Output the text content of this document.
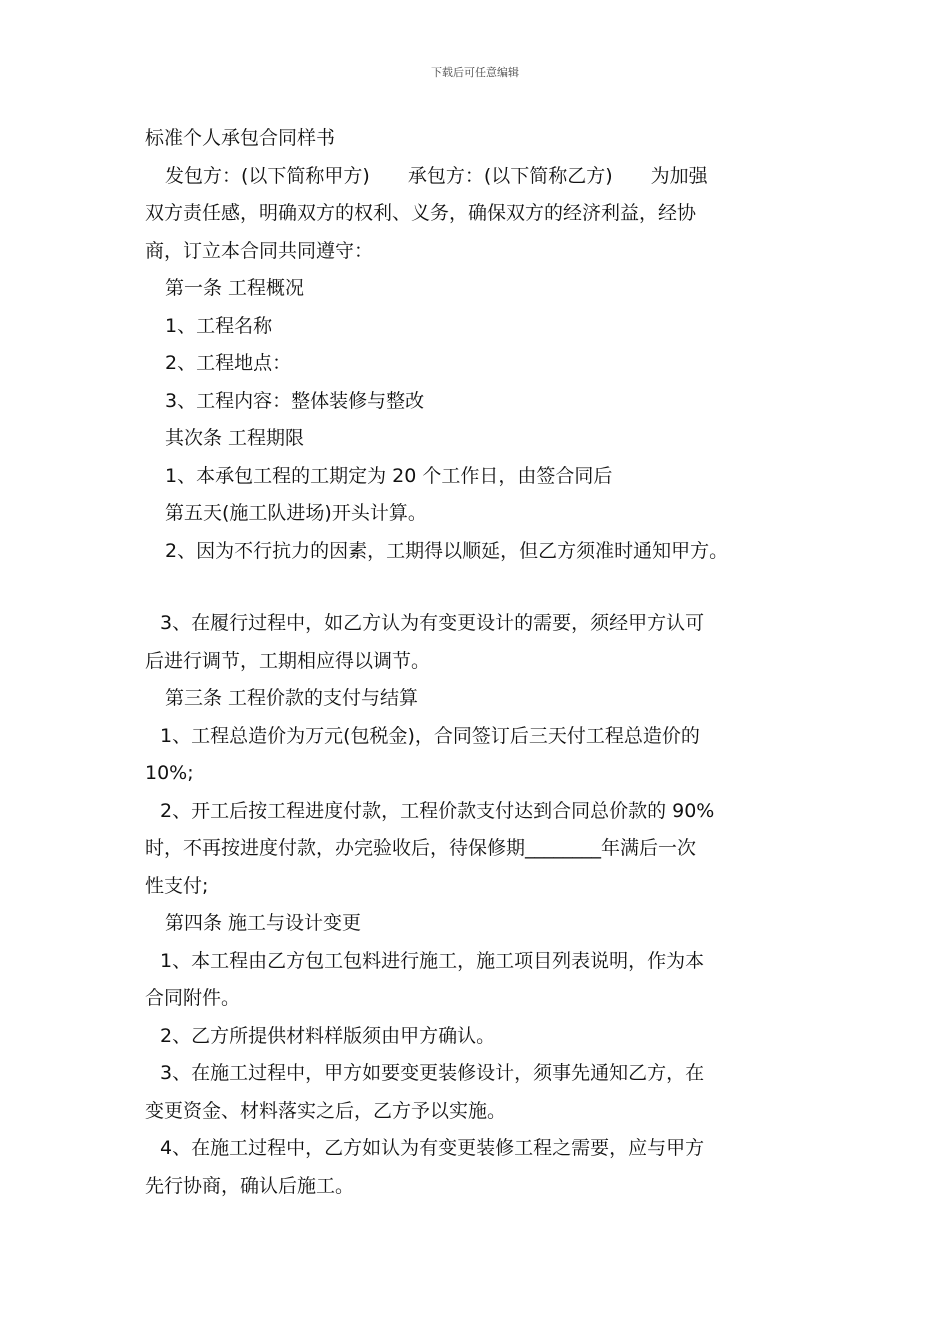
下载后可任意编辑

标准个人承包合同样书

发包方：(以下简称甲方)　　承包方：(以下简称乙方)　　为加强

双方责任感，明确双方的权利、义务，确保双方的经济利益，经协

商，订立本合同共同遵守：

第一条 工程概况

1、工程名称

2、工程地点：

3、工程内容：整体装修与整改

其次条 工程期限

1、本承包工程的工期定为 20 个工作日，由签合同后

第五天(施工队进场)开头计算。

2、因为不行抗力的因素，工期得以顺延，但乙方须准时通知甲方。

3、在履行过程中，如乙方认为有变更设计的需要，须经甲方认可

后进行调节，工期相应得以调节。

第三条 工程价款的支付与结算

1、工程总造价为万元(包税金)，合同签订后三天付工程总造价的

10%;

2、开工后按工程进度付款，工程价款支付达到合同总价款的 90%

时，不再按进度付款，办完验收后，待保修期________年满后一次

性支付;

第四条 施工与设计变更

1、本工程由乙方包工包料进行施工，施工项目列表说明，作为本

合同附件。

2、乙方所提供材料样版须由甲方确认。

3、在施工过程中，甲方如要变更装修设计，须事先通知乙方，在

变更资金、材料落实之后，乙方予以实施。

4、在施工过程中，乙方如认为有变更装修工程之需要，应与甲方

先行协商，确认后施工。
